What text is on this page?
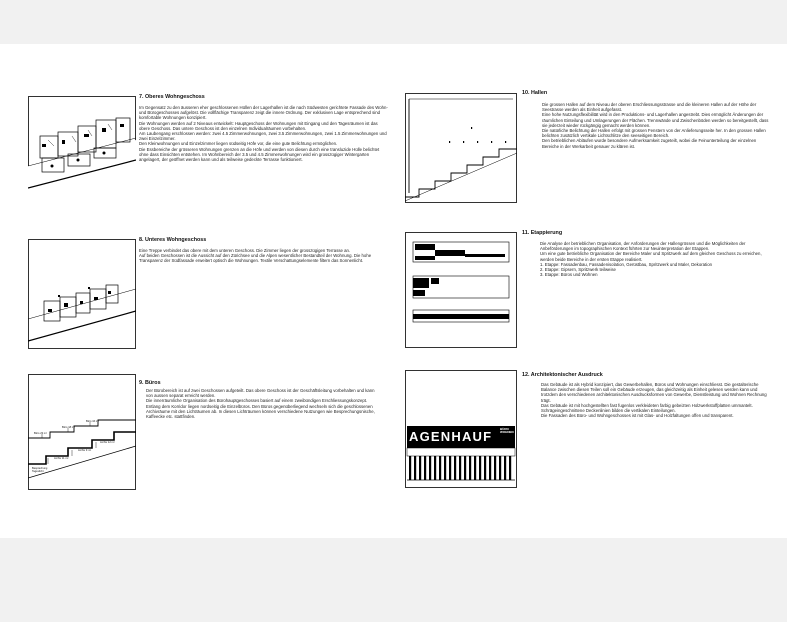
7. Oberes Wohngeschoss

Im Gegensatz zu den äusseren eher geschlossenen Hüllen der Lagerhallen ist die nach Südwesten gerichtete Fassade des Wohn- und Bürogeschosses aufgelöst. Die vollflächige Transparenz zeigt die innere Ordnung. Der exklusiven Lage entsprechend sind komfortable Wohnungen konzipiert.

Die Wohnungen werden auf 2 Niveaus entwickelt: Hauptgeschoss der Wohnungen mit Eingang und den Tagesräumen ist das obere Geschoss. Das untere Geschoss ist den einzelnen Individualräumen vorbehalten.

Am Laubengang erschlossen werden: zwei 4.5 Zimmerwohnungen, zwei 3.5 Zimmerwohnungen, zwei 1.5 Zimmerwohnungen und zwei Einzelzimmer.

Den Kleinwohnungen und Einzelzimmer liegen südseitig Höfe vor, die eine gute Belichtung ermöglichen.

Die Essbereiche der grösseren Wohnungen grenzen an die Höfe und werden von diesen durch eine transluzide Hülle belichtet ohne dass Einsichten entstehen. Im Wohnbereich der 3.5 und 4.5 Zimmerwohnungen wird ein grosszügiger Wintergarten angelagert, der geöffnet werden kann und als teilweise gedeckte Terrasse funktioniert.

8. Unteres Wohngeschoss

Eine Treppe verbindet das obere mit dem unteren Geschoss. Die Zimmer liegen der grosszügigen Terrasse an.

Auf beiden Geschossen ist die Aussicht auf den Zürichsee und die Alpen wesentlicher Bestandteil der Wohnung. Die hohe Transparenz der Südfassade erweitert optisch die Wohnungen. Textile Verschattungselemente filtern das Sonnenlicht.

Büro 23 m²
Büro 18 m²
Büro 16 m²
Archiv 11 m²
Archiv 9 m²
Besprechung Tageslicht
Archiv 12 m²
9. Büros

Der Bürobereich ist auf zwei Geschossen aufgeteilt. Das obere Geschoss ist der Geschäftsleitung vorbehalten und kann von aussen separat erreicht werden.

Die innerräumliche Organisation des Bürohauptgeschosses basiert auf einem zweibündigen Erschliessungskonzept.

Entlang dem Korridor liegen nordseitig die Einzelbüros. Den Büros gegenüberliegend wechseln sich die geschlossenen Archivräume mit den Lichträumen ab. In diesen Lichträumen können verschiedene Nutzungen wie Besprechungsnische, Kaffeecke etc. stattfinden.

10. Hallen

Die grossen Hallen auf dem Niveau der oberen Erschliessungsstrasse und die kleineren Hallen auf der Höhe der Seestrasse werden als Einheit aufgefasst.

Eine hohe Nutzungsflexibilität wird in den Produktions- und Lagerhallen angestrebt. Dies ermöglicht Änderungen der räumlichen Einteilung und Umlagerungen der Flächen. Trennwände und Zwischenböden werden so bereitgestellt, dass sie jederzeit wieder rückgängig gemacht werden können.

Die natürliche Belichtung der Hallen erfolgt mit grossen Fenstern von der Anlieferungsseite her. In den grossen Hallen belichten zusätzlich vertikale Lichtschlitze den seeseitigen Bereich.

Den betrieblichen Abläufen wurde besondere Aufmerksamkeit zugeteilt, wobei die Feinunterteilung der einzelnen Bereiche in der Werkarbeit genauer zu klären ist.

11. Etappierung

Die Analyse der betrieblichen Organisation, der Anforderungen der Hallengrössen und die Möglichkeiten der Anbeförderungen im topographischen Kontext führten zur Neuinterpretation der Etappen.

Um eine gute betriebliche Organisation der Bereiche Maler und Spritzwerk auf dem gleichen Geschoss zu erreichen, werden beide Bereiche in der ersten Etappe realisiert.

1. Etappe: Fassadenbau, Fassadenisolation, Gerüstbau, Spritzwerk und Maler, Dekoration

2. Etappe: Gipsern, Spritzwerk teilweise

3. Etappe: Büros und Wohnen

AGENHAUF	BÜRO WOHNEN
12. Architektonischer Ausdruck

Das Gebäude ist als Hybrid konzipiert, das Gewerbehallen, Büros und Wohnungen einschliesst. Die gestalterische Balance zwischen diesen Teilen soll ein Gebäude erzeugen, das gleichzeitig als Einheit gelesen werden kann und trotzdem den verschiedenen architektonischen Ausdrucksformen von Gewerbe, Dienstleistung und Wohnen Rechnung trägt.

Das Gebäude ist mit hochgestellten fast fugenlos verkleideten farbig gebeizten Holzwerkstoffplatten ummantelt. Schrägeingeschnittene Deckenlinien bilden die vertikalen Einteilungen.

Die Fassaden des Büro- und Wohngeschosses ist mit Glas- und Holzfaltungen offen und transparent.
